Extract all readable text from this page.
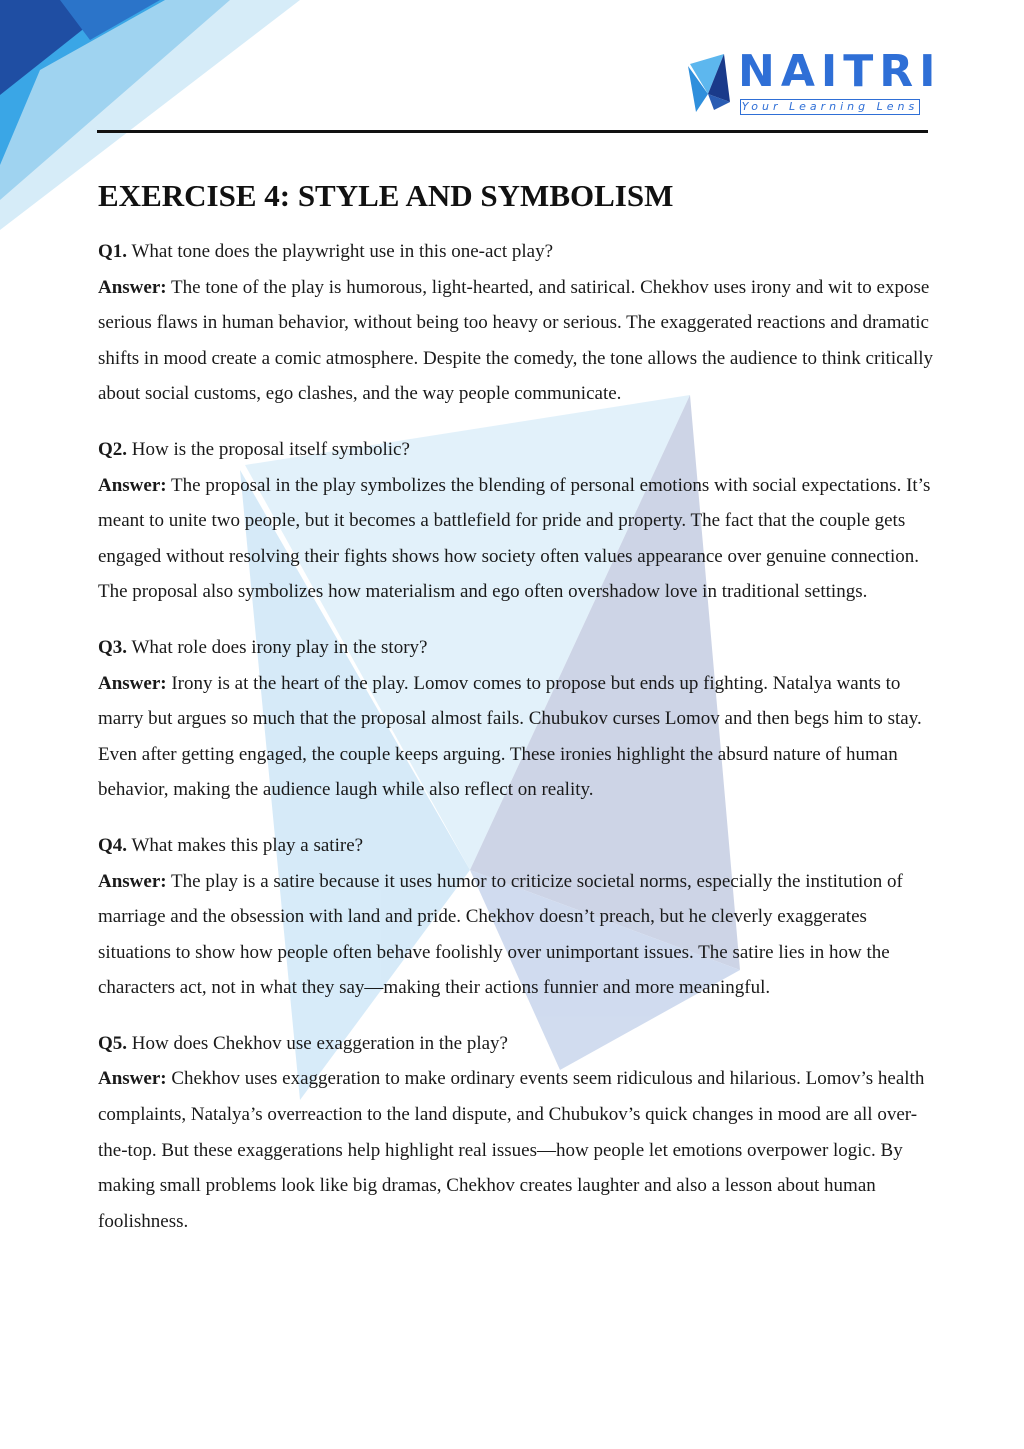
NAITRI
Your Learning Lens
EXERCISE 4: STYLE AND SYMBOLISM
Q1. What tone does the playwright use in this one-act play?

Answer: The tone of the play is humorous, light-hearted, and satirical. Chekhov uses irony and wit to expose serious flaws in human behavior, without being too heavy or serious. The exaggerated reactions and dramatic shifts in mood create a comic atmosphere. Despite the comedy, the tone allows the audience to think critically about social customs, ego clashes, and the way people communicate.

Q2. How is the proposal itself symbolic?

Answer: The proposal in the play symbolizes the blending of personal emotions with social expectations. It’s meant to unite two people, but it becomes a battlefield for pride and property. The fact that the couple gets engaged without resolving their fights shows how society often values appearance over genuine connection. The proposal also symbolizes how materialism and ego often overshadow love in traditional settings.

Q3. What role does irony play in the story?

Answer: Irony is at the heart of the play. Lomov comes to propose but ends up fighting. Natalya wants to marry but argues so much that the proposal almost fails. Chubukov curses Lomov and then begs him to stay. Even after getting engaged, the couple keeps arguing. These ironies highlight the absurd nature of human behavior, making the audience laugh while also reflect on reality.

Q4. What makes this play a satire?

Answer: The play is a satire because it uses humor to criticize societal norms, especially the institution of marriage and the obsession with land and pride. Chekhov doesn’t preach, but he cleverly exaggerates situations to show how people often behave foolishly over unimportant issues. The satire lies in how the characters act, not in what they say—making their actions funnier and more meaningful.

Q5. How does Chekhov use exaggeration in the play?

Answer: Chekhov uses exaggeration to make ordinary events seem ridiculous and hilarious. Lomov’s health complaints, Natalya’s overreaction to the land dispute, and Chubukov’s quick changes in mood are all over-the-top. But these exaggerations help highlight real issues—how people let emotions overpower logic. By making small problems look like big dramas, Chekhov creates laughter and also a lesson about human foolishness.
